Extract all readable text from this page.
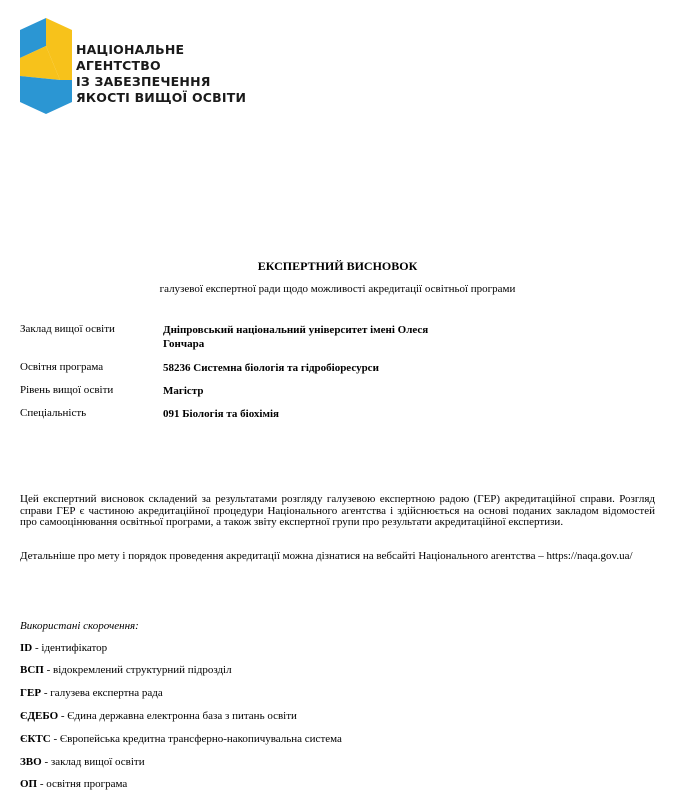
НАЦІОНАЛЬНЕ
АГЕНТСТВО
ІЗ ЗАБЕЗПЕЧЕННЯ
ЯКОСТІ ВИЩОЇ ОСВІТИ
ЕКСПЕРТНИЙ ВИСНОВОК
галузевої експертної ради щодо можливості акредитації освітньої програми
Заклад вищої освіти	Дніпровський національний університет імені Олеся
Гончара
Освітня програма	58236 Системна біологія та гідробіоресурси
Рівень вищої освіти	Магістр
Спеціальність	091 Біологія та біохімія
Цей експертний висновок складений за результатами розгляду галузевою експертною радою (ГЕР) акредитаційної справи. Розгляд справи ГЕР є частиною акредитаційної процедури Національного агентства і здійснюється на основі поданих закладом відомостей про самооцінювання освітньої програми, а також звіту експертної групи про результати акредитаційної експертизи.
Детальніше про мету і порядок проведення акредитації можна дізнатися на вебсайті Національного агентства – https://naqa.gov.ua/
Використані скорочення:
ID - ідентифікатор
ВСП - відокремлений структурний підрозділ
ГЕР - галузева експертна рада
ЄДЕБО - Єдина державна електронна база з питань освіти
ЄКТС - Європейська кредитна трансферно-накопичувальна система
ЗВО - заклад вищої освіти
ОП - освітня програма
